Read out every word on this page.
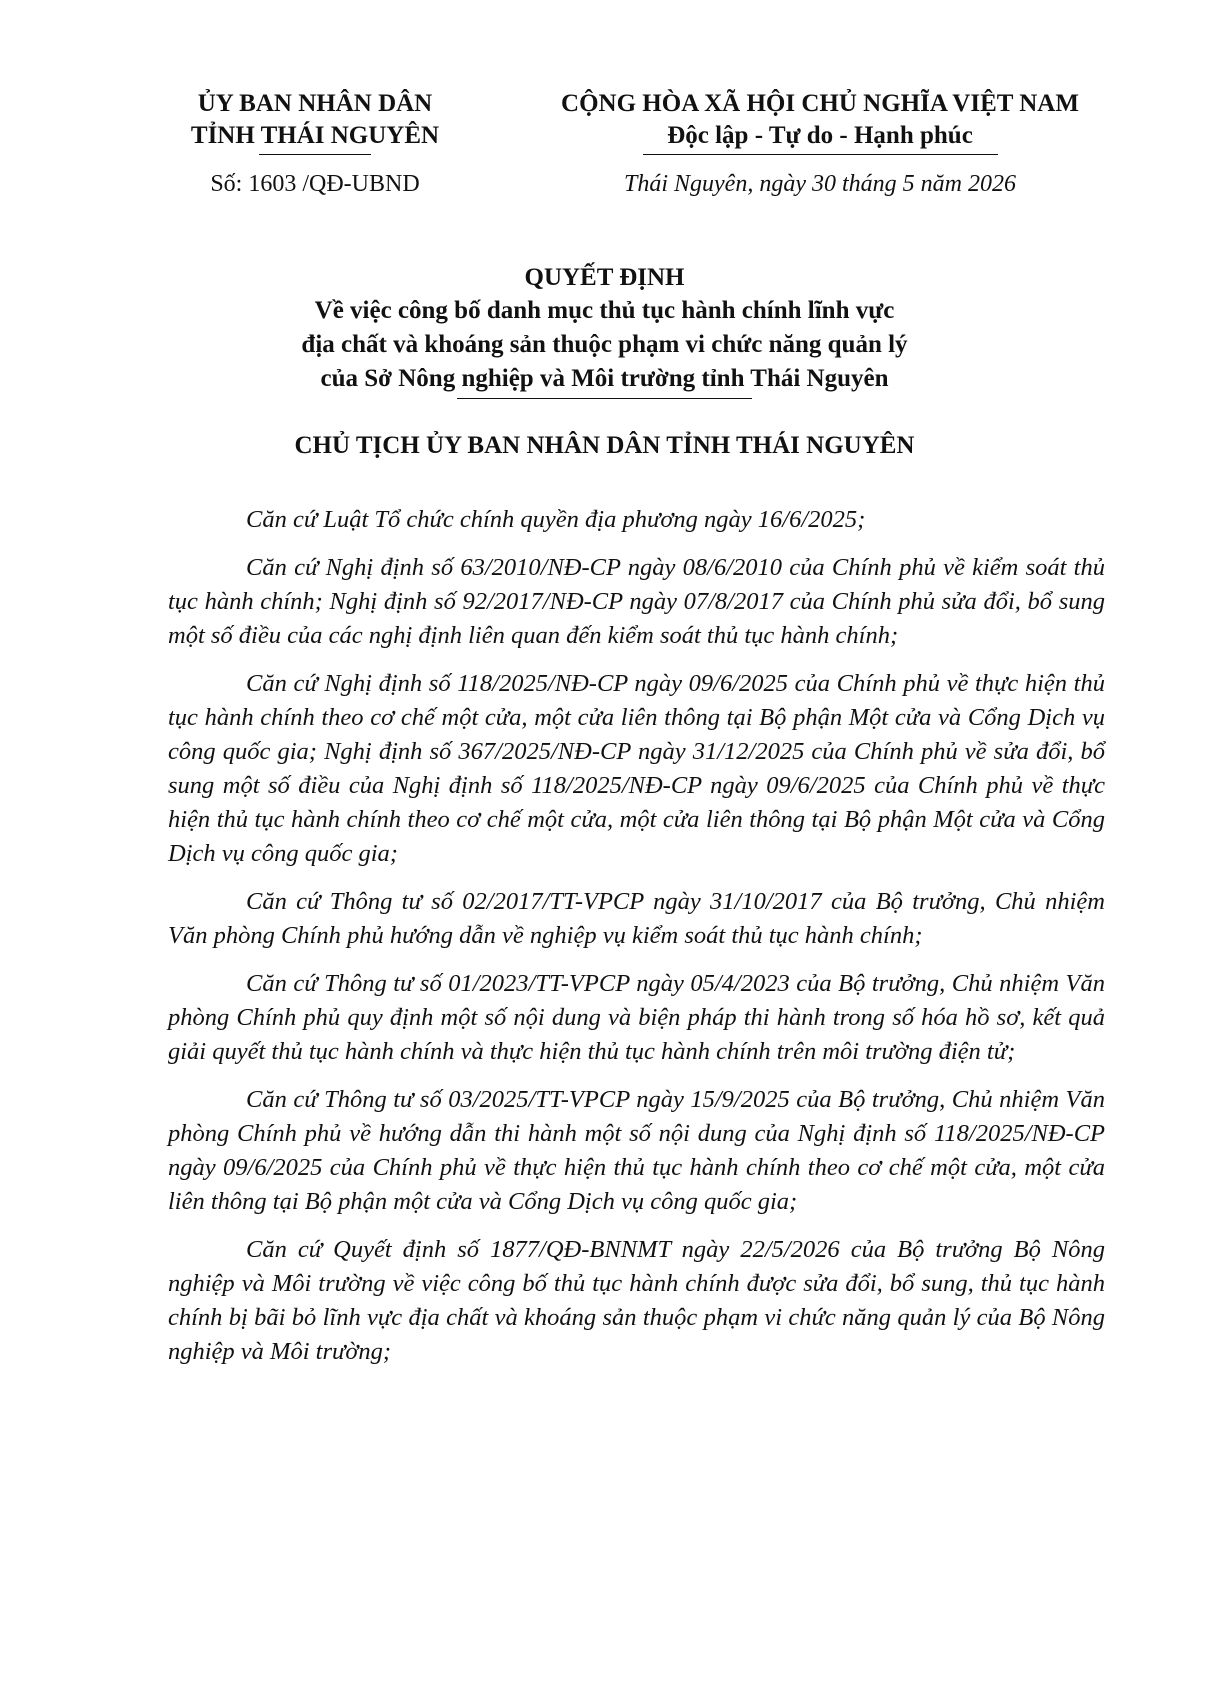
ỦY BAN NHÂN DÂN
TỈNH THÁI NGUYÊN
Số: 1603 /QĐ-UBND
CỘNG HÒA XÃ HỘI CHỦ NGHĨA VIỆT NAM
Độc lập - Tự do - Hạnh phúc
Thái Nguyên, ngày 30 tháng 5 năm 2026
QUYẾT ĐỊNH
Về việc công bố danh mục thủ tục hành chính lĩnh vực
địa chất và khoáng sản thuộc phạm vi chức năng quản lý
của Sở Nông nghiệp và Môi trường tỉnh Thái Nguyên
CHỦ TỊCH ỦY BAN NHÂN DÂN TỈNH THÁI NGUYÊN

Căn cứ Luật Tổ chức chính quyền địa phương ngày 16/6/2025;

Căn cứ Nghị định số 63/2010/NĐ-CP ngày 08/6/2010 của Chính phủ về kiểm soát thủ tục hành chính; Nghị định số 92/2017/NĐ-CP ngày 07/8/2017 của Chính phủ sửa đổi, bổ sung một số điều của các nghị định liên quan đến kiểm soát thủ tục hành chính;

Căn cứ Nghị định số 118/2025/NĐ-CP ngày 09/6/2025 của Chính phủ về thực hiện thủ tục hành chính theo cơ chế một cửa, một cửa liên thông tại Bộ phận Một cửa và Cổng Dịch vụ công quốc gia; Nghị định số 367/2025/NĐ-CP ngày 31/12/2025 của Chính phủ về sửa đổi, bổ sung một số điều của Nghị định số 118/2025/NĐ-CP ngày 09/6/2025 của Chính phủ về thực hiện thủ tục hành chính theo cơ chế một cửa, một cửa liên thông tại Bộ phận Một cửa và Cổng Dịch vụ công quốc gia;

Căn cứ Thông tư số 02/2017/TT-VPCP ngày 31/10/2017 của Bộ trưởng, Chủ nhiệm Văn phòng Chính phủ hướng dẫn về nghiệp vụ kiểm soát thủ tục hành chính;

Căn cứ Thông tư số 01/2023/TT-VPCP ngày 05/4/2023 của Bộ trưởng, Chủ nhiệm Văn phòng Chính phủ quy định một số nội dung và biện pháp thi hành trong số hóa hồ sơ, kết quả giải quyết thủ tục hành chính và thực hiện thủ tục hành chính trên môi trường điện tử;

Căn cứ Thông tư số 03/2025/TT-VPCP ngày 15/9/2025 của Bộ trưởng, Chủ nhiệm Văn phòng Chính phủ về hướng dẫn thi hành một số nội dung của Nghị định số 118/2025/NĐ-CP ngày 09/6/2025 của Chính phủ về thực hiện thủ tục hành chính theo cơ chế một cửa, một cửa liên thông tại Bộ phận một cửa và Cổng Dịch vụ công quốc gia;

Căn cứ Quyết định số 1877/QĐ-BNNMT ngày 22/5/2026 của Bộ trưởng Bộ Nông nghiệp và Môi trường về việc công bố thủ tục hành chính được sửa đổi, bổ sung, thủ tục hành chính bị bãi bỏ lĩnh vực địa chất và khoáng sản thuộc phạm vi chức năng quản lý của Bộ Nông nghiệp và Môi trường;
